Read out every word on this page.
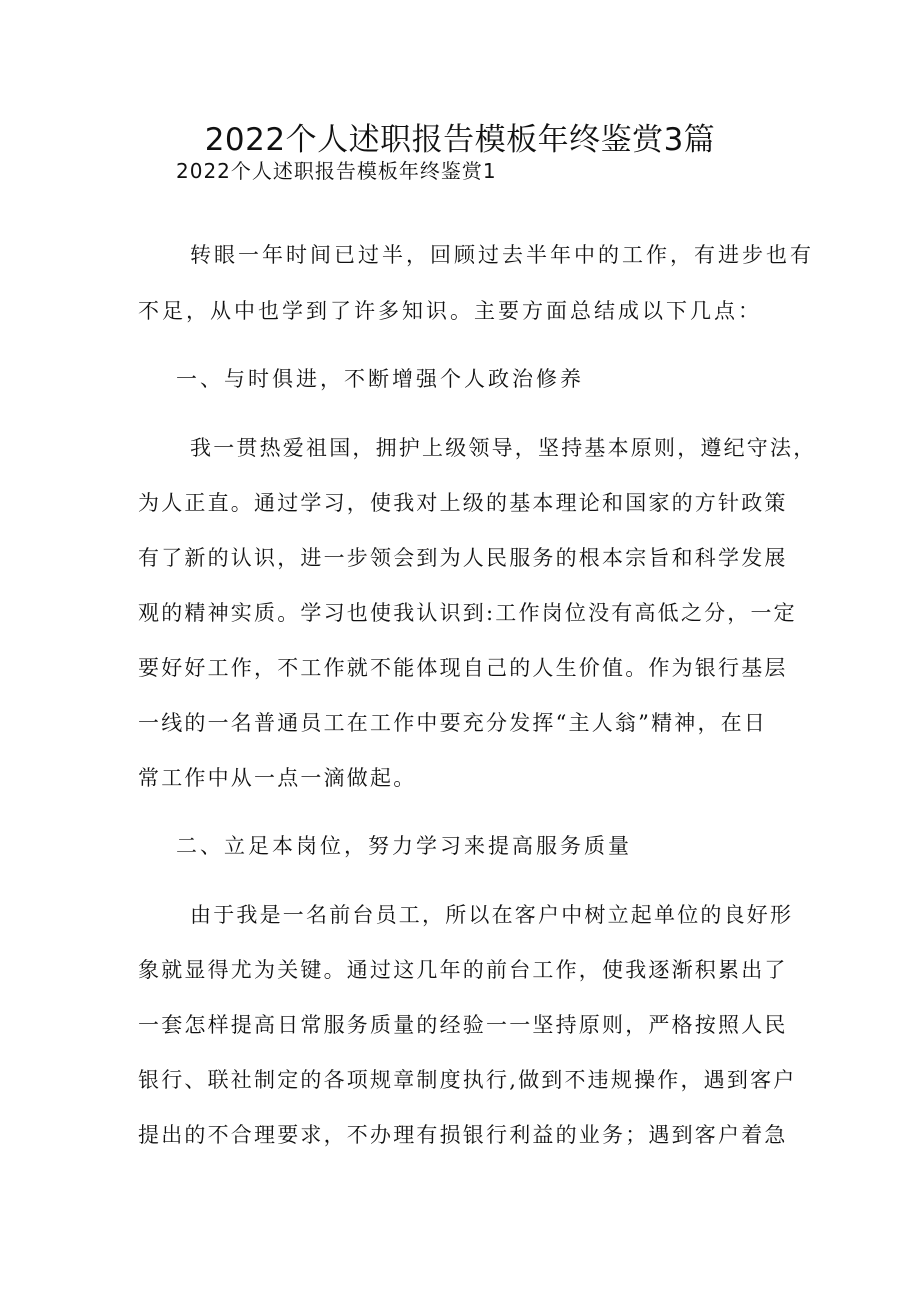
2022个人述职报告模板年终鉴赏3篇
2022个人述职报告模板年终鉴赏1
转眼一年时间已过半，回顾过去半年中的工作，有进步也有
不足，从中也学到了许多知识。主要方面总结成以下几点：
一、与时俱进，不断增强个人政治修养
我一贯热爱祖国，拥护上级领导，坚持基本原则，遵纪守法，
为人正直。通过学习，使我对上级的基本理论和国家的方针政策
有了新的认识，进一步领会到为人民服务的根本宗旨和科学发展
观的精神实质。学习也使我认识到:工作岗位没有高低之分，一定
要好好工作，不工作就不能体现自己的人生价值。作为银行基层
一线的一名普通员工在工作中要充分发挥“主人翁”精神，在日
常工作中从一点一滴做起。
二、立足本岗位，努力学习来提高服务质量
由于我是一名前台员工，所以在客户中树立起单位的良好形
象就显得尤为关键。通过这几年的前台工作，使我逐渐积累出了
一套怎样提高日常服务质量的经验一一坚持原则，严格按照人民
银行、联社制定的各项规章制度执行,做到不违规操作，遇到客户
提出的不合理要求，不办理有损银行利益的业务；遇到客户着急
